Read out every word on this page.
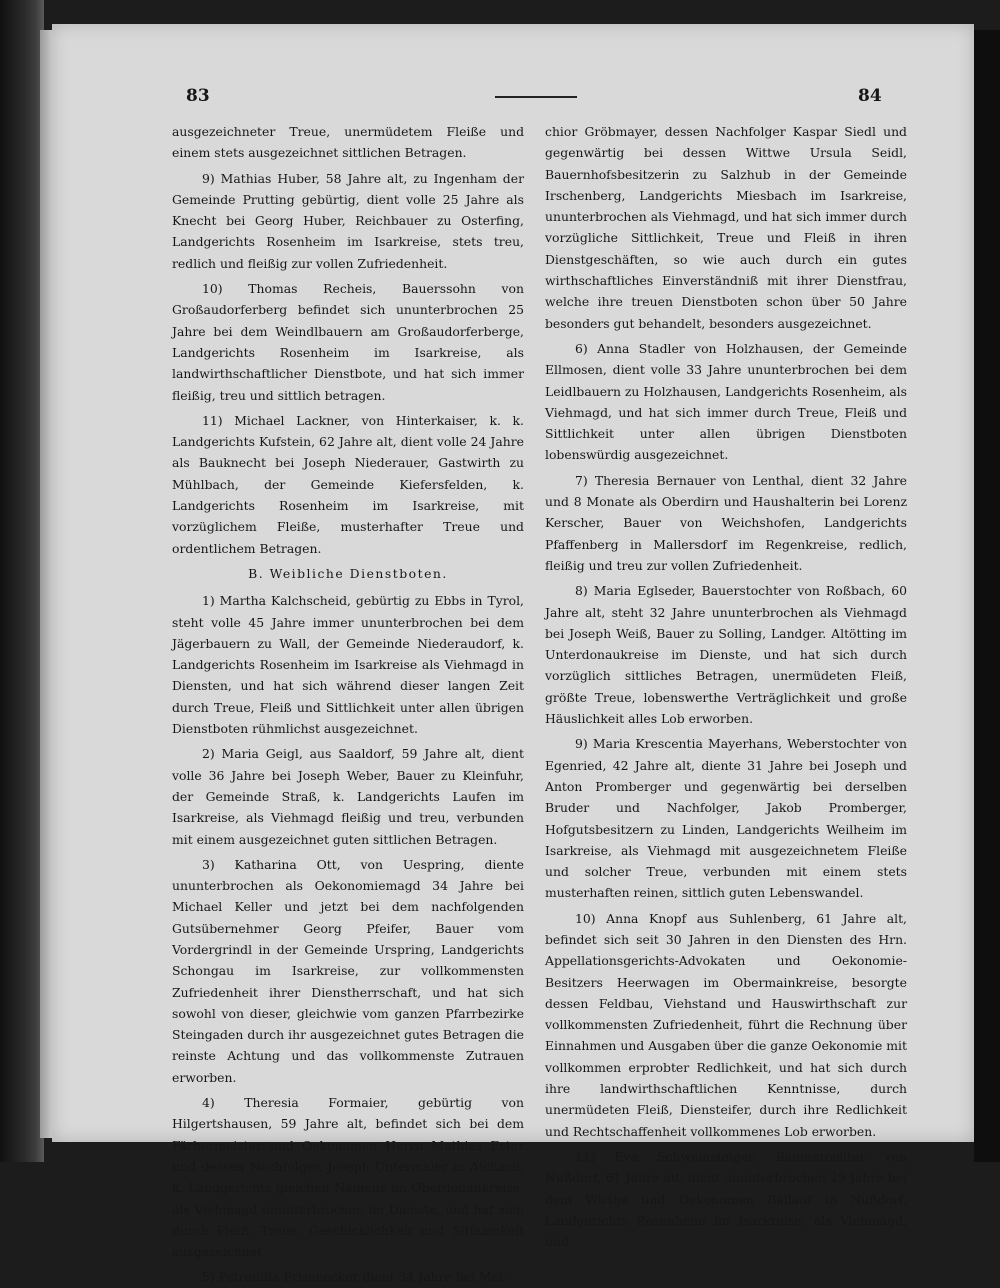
83	84

ausgezeichneter Treue, unermüdetem Fleiße und einem stets ausgezeichnet sittlichen Betragen.

9) Mathias Huber, 58 Jahre alt, zu Ingenham der Gemeinde Prutting gebürtig, dient volle 25 Jahre als Knecht bei Georg Huber, Reichbauer zu Osterfing, Landgerichts Rosenheim im Isarkreise, stets treu, redlich und fleißig zur vollen Zufriedenheit.

10) Thomas Recheis, Bauerssohn von Großaudorferberg befindet sich ununterbrochen 25 Jahre bei dem Weindlbauern am Großaudorferberge, Landgerichts Rosenheim im Isarkreise, als landwirthschaftlicher Dienstbote, und hat sich immer fleißig, treu und sittlich betragen.

11) Michael Lackner, von Hinterkaiser, k. k. Landgerichts Kufstein, 62 Jahre alt, dient volle 24 Jahre als Bauknecht bei Joseph Niederauer, Gastwirth zu Mühlbach, der Gemeinde Kiefersfelden, k. Landgerichts Rosenheim im Isarkreise, mit vorzüglichem Fleiße, musterhafter Treue und ordentlichem Betragen.

B. Weibliche Dienstboten.

1) Martha Kalchscheid, gebürtig zu Ebbs in Tyrol, steht volle 45 Jahre immer ununterbrochen bei dem Jägerbauern zu Wall, der Gemeinde Niederaudorf, k. Landgerichts Rosenheim im Isarkreise als Viehmagd in Diensten, und hat sich während dieser langen Zeit durch Treue, Fleiß und Sittlichkeit unter allen übrigen Dienstboten rühmlichst ausgezeichnet.

2) Maria Geigl, aus Saaldorf, 59 Jahre alt, dient volle 36 Jahre bei Joseph Weber, Bauer zu Kleinfuhr, der Gemeinde Straß, k. Landgerichts Laufen im Isarkreise, als Viehmagd fleißig und treu, verbunden mit einem ausgezeichnet guten sittlichen Betragen.

3) Katharina Ott, von Uespring, diente ununterbrochen als Oekonomiemagd 34 Jahre bei Michael Keller und jetzt bei dem nachfolgenden Gutsübernehmer Georg Pfeifer, Bauer vom Vordergrindl in der Gemeinde Urspring, Landgerichts Schongau im Isarkreise, zur vollkommensten Zufriedenheit ihrer Dienstherrschaft, und hat sich sowohl von dieser, gleichwie vom ganzen Pfarrbezirke Steingaden durch ihr ausgezeichnet gutes Betragen die reinste Achtung und das vollkommenste Zutrauen erworben.

4) Theresia Formaier, gebürtig von Hilgertshausen, 59 Jahre alt, befindet sich bei dem Färbermeister und Oekonomen Herrn Mathias Ester und dessen Nachfolger, Joseph Untermaier in Aichach, k. Landgerichts gleichen Namens im Oberdonaukreise, als Viehmagd ununterbrochen im Dienste, und hat sich durch Fleiß, Treue, Geschicklichkeit und Sittsamkeit ausgezeichnet.

5) Petronilla Frisenecker dient 34 Jahre bei Mel-

chior Gröbmayer, dessen Nachfolger Kaspar Siedl und gegenwärtig bei dessen Wittwe Ursula Seidl, Bauernhofsbesitzerin zu Salzhub in der Gemeinde Irschenberg, Landgerichts Miesbach im Isarkreise, ununterbrochen als Viehmagd, und hat sich immer durch vorzügliche Sittlichkeit, Treue und Fleiß in ihren Dienstgeschäften, so wie auch durch ein gutes wirthschaftliches Einverständniß mit ihrer Dienstfrau, welche ihre treuen Dienstboten schon über 50 Jahre besonders gut behandelt, besonders ausgezeichnet.

6) Anna Stadler von Holzhausen, der Gemeinde Ellmosen, dient volle 33 Jahre ununterbrochen bei dem Leidlbauern zu Holzhausen, Landgerichts Rosenheim, als Viehmagd, und hat sich immer durch Treue, Fleiß und Sittlichkeit unter allen übrigen Dienstboten lobenswürdig ausgezeichnet.

7) Theresia Bernauer von Lenthal, dient 32 Jahre und 8 Monate als Oberdirn und Haushalterin bei Lorenz Kerscher, Bauer von Weichshofen, Landgerichts Pfaffenberg in Mallersdorf im Regenkreise, redlich, fleißig und treu zur vollen Zufriedenheit.

8) Maria Eglseder, Bauerstochter von Roßbach, 60 Jahre alt, steht 32 Jahre ununterbrochen als Viehmagd bei Joseph Weiß, Bauer zu Solling, Landger. Altötting im Unterdonaukreise im Dienste, und hat sich durch vorzüglich sittliches Betragen, unermüdeten Fleiß, größte Treue, lobenswerthe Verträglichkeit und große Häuslichkeit alles Lob erworben.

9) Maria Krescentia Mayerhans, Weberstochter von Egenried, 42 Jahre alt, diente 31 Jahre bei Joseph und Anton Promberger und gegenwärtig bei derselben Bruder und Nachfolger, Jakob Promberger, Hofgutsbesitzern zu Linden, Landgerichts Weilheim im Isarkreise, als Viehmagd mit ausgezeichnetem Fleiße und solcher Treue, verbunden mit einem stets musterhaften reinen, sittlich guten Lebenswandel.

10) Anna Knopf aus Suhlenberg, 61 Jahre alt, befindet sich seit 30 Jahren in den Diensten des Hrn. Appellationsgerichts-Advokaten und Oekonomie-Besitzers Heerwagen im Obermainkreise, besorgte dessen Feldbau, Viehstand und Hauswirthschaft zur vollkommensten Zufriedenheit, führt die Rechnung über Einnahmen und Ausgaben über die ganze Oekonomie mit vollkommen erprobter Redlichkeit, und hat sich durch ihre landwirthschaftlichen Kenntnisse, durch unermüdeten Fleiß, Diensteifer, durch ihre Redlichkeit und Rechtschaffenheit vollkommenes Lob erworben.

11) Eva Schweinsteiger, Bauerstochter von Nußdorf, 61 Jahre alt, dient ununterbrochen 29 Jahre bei dem Wirthe und Oekonomen Ballauf in Nußdorf, Landgerichts Rosenheim im Isarkreise, als Viehmagd, und
